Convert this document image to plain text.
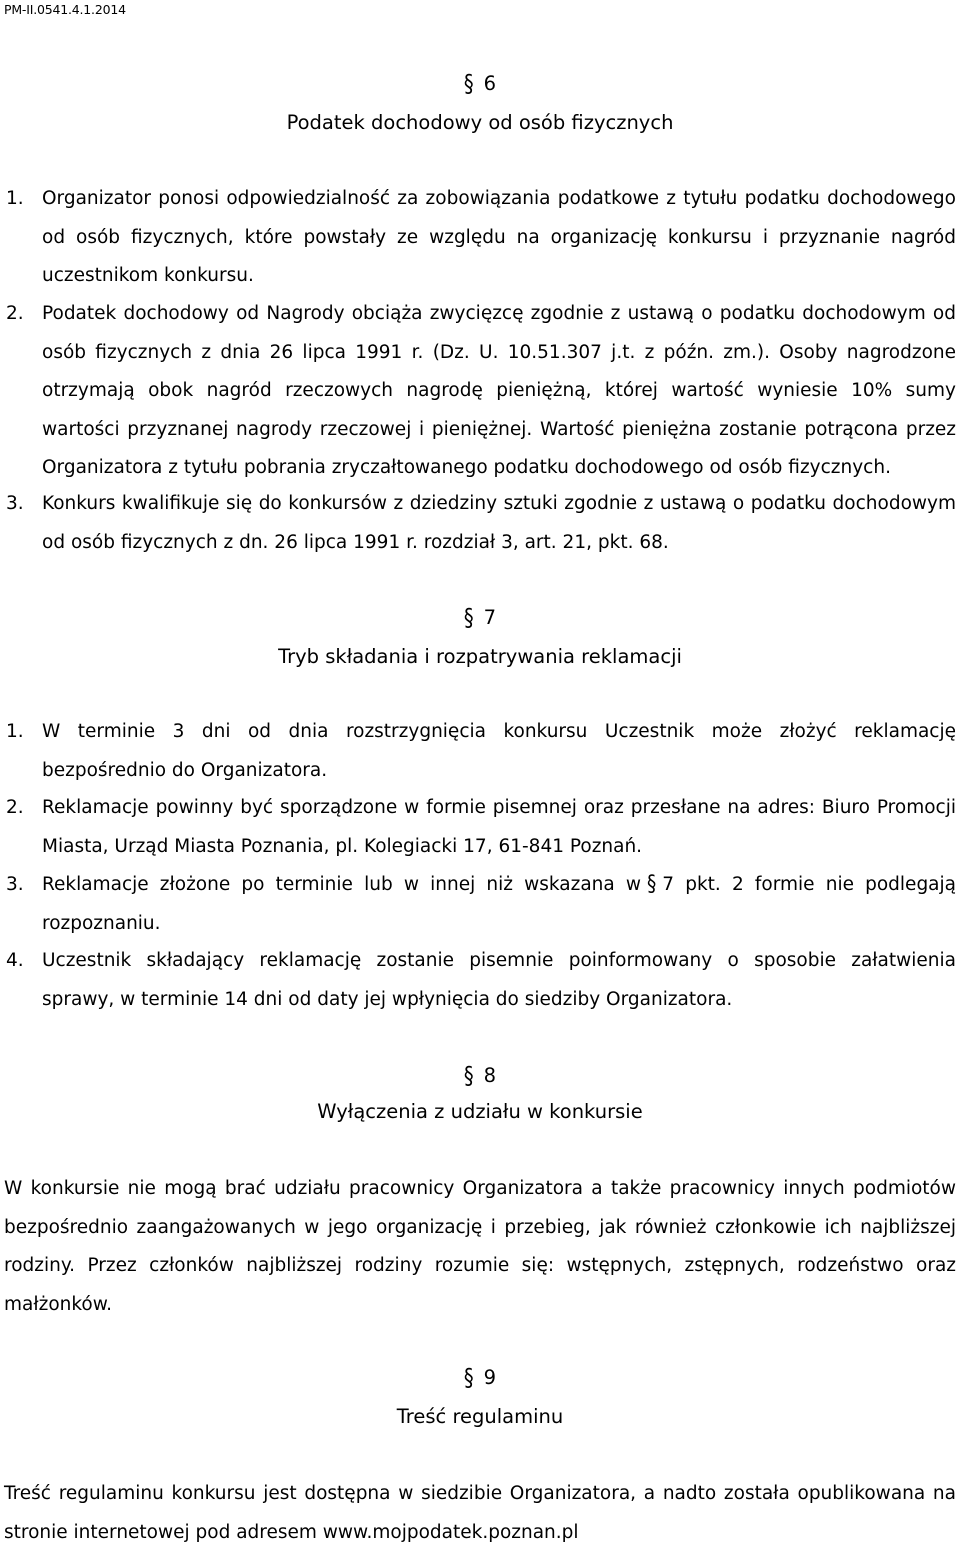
PM-II.0541.4.1.2014
§ 6
Podatek dochodowy od osób fizycznych
1. Organizator ponosi odpowiedzialność za zobowiązania podatkowe z tytułu podatku dochodowego od osób fizycznych, które powstały ze względu na organizację konkursu i przyznanie nagród uczestnikom konkursu.
2. Podatek dochodowy od Nagrody obciąża zwycięzcę zgodnie z ustawą o podatku dochodowym od osób fizycznych z dnia 26 lipca 1991 r. (Dz. U. 10.51.307 j.t. z późn. zm.). Osoby nagrodzone otrzymają obok nagród rzeczowych nagrodę pieniężną, której wartość wyniesie 10% sumy wartości przyznanej nagrody rzeczowej i pieniężnej. Wartość pieniężna zostanie potrącona przez Organizatora z tytułu pobrania zryczałtowanego podatku dochodowego od osób fizycznych.
3. Konkurs kwalifikuje się do konkursów z dziedziny sztuki zgodnie z ustawą o podatku dochodowym od osób fizycznych z dn. 26 lipca 1991 r. rozdział 3, art. 21, pkt. 68.
§ 7
Tryb składania i rozpatrywania reklamacji
1. W terminie 3 dni od dnia rozstrzygnięcia konkursu Uczestnik może złożyć reklamację bezpośrednio do Organizatora.
2. Reklamacje powinny być sporządzone w formie pisemnej oraz przesłane na adres: Biuro Promocji Miasta, Urząd Miasta Poznania, pl. Kolegiacki 17, 61-841 Poznań.
3. Reklamacje złożone po terminie lub w innej niż wskazana w § 7 pkt. 2 formie nie podlegają rozpoznaniu.
4. Uczestnik składający reklamację zostanie pisemnie poinformowany o sposobie załatwienia sprawy, w terminie 14 dni od daty jej wpłynięcia do siedziby Organizatora.
§ 8
Wyłączenia z udziału w konkursie
W konkursie nie mogą brać udziału pracownicy Organizatora a także pracownicy innych podmiotów bezpośrednio zaangażowanych w jego organizację i przebieg, jak również członkowie ich najbliższej rodziny. Przez członków najbliższej rodziny rozumie się: wstępnych, zstępnych, rodzeństwo oraz małżonków.
§ 9
Treść regulaminu
Treść regulaminu konkursu jest dostępna w siedzibie Organizatora, a nadto została opublikowana na stronie internetowej pod adresem www.mojpodatek.poznan.pl
